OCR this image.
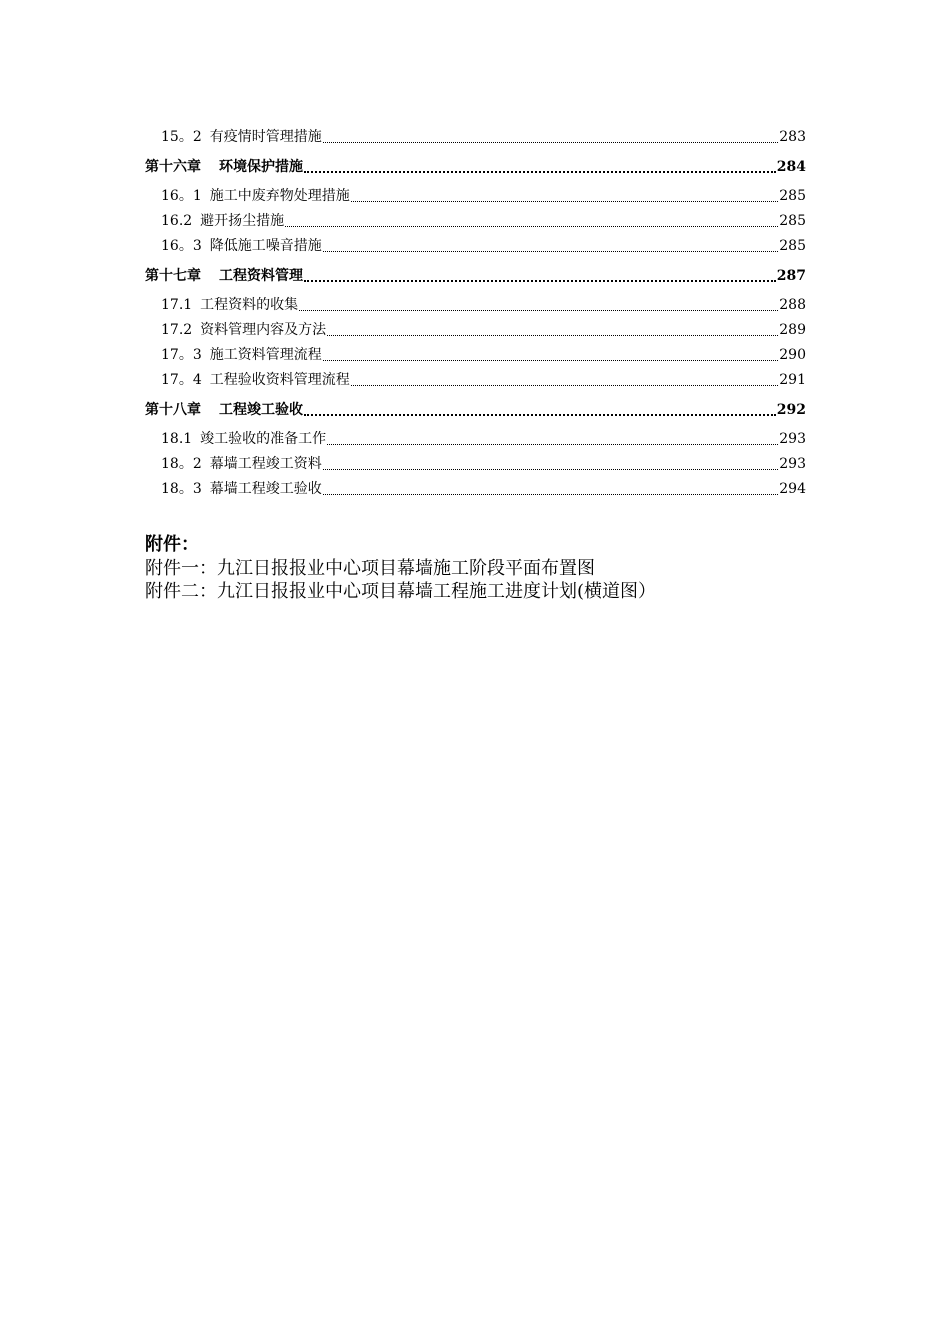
15。2 有疫情时管理措施	283
第十六章 环境保护措施	284
16。1 施工中废弃物处理措施	285
16.2 避开扬尘措施	285
16。3 降低施工噪音措施	285
第十七章 工程资料管理	287
17.1 工程资料的收集	288
17.2 资料管理内容及方法	289
17。3 施工资料管理流程	290
17。4 工程验收资料管理流程	291
第十八章 工程竣工验收	292
18.1 竣工验收的准备工作	293
18。2 幕墙工程竣工资料	293
18。3 幕墙工程竣工验收	294
附件：
附件一：九江日报报业中心项目幕墙施工阶段平面布置图
附件二：九江日报报业中心项目幕墙工程施工进度计划(横道图）
